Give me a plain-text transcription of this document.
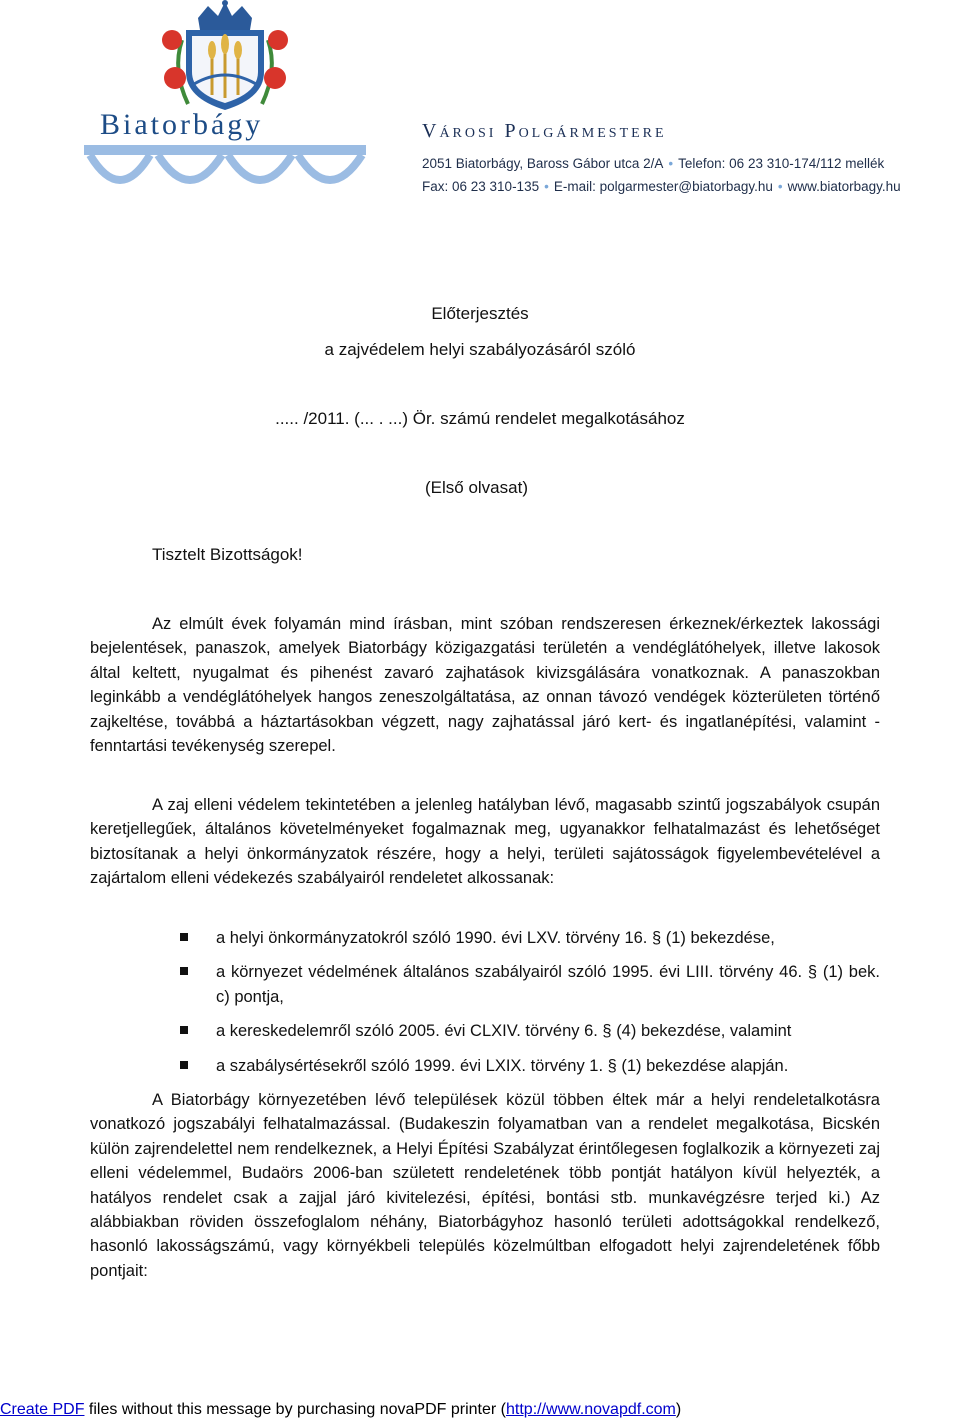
Biatorbágy	Városi Polgármestere
2051 Biatorbágy, Baross Gábor utca 2/A • Telefon: 06 23 310-174/112 mellék
Fax: 06 23 310-135 • E-mail: polgarmester@biatorbagy.hu • www.biatorbagy.hu
Előterjesztés
a zajvédelem helyi szabályozásáról szóló
..... /2011. (... . ...) Ör. számú rendelet megalkotásához
(Első olvasat)
Tisztelt Bizottságok!

Az elmúlt évek folyamán mind írásban, mint szóban rendszeresen érkeznek/érkeztek lakossági bejelentések, panaszok, amelyek Biatorbágy közigazgatási területén a vendéglátóhelyek, illetve lakosok által keltett, nyugalmat és pihenést zavaró zajhatások kivizsgálására vonatkoznak. A panaszokban leginkább a vendéglátóhelyek hangos zeneszolgáltatása, az onnan távozó vendégek közterületen történő zajkeltése, továbbá a háztartásokban végzett, nagy zajhatással járó kert- és ingatlanépítési, valamint -fenntartási tevékenység szerepel.

A zaj elleni védelem tekintetében a jelenleg hatályban lévő, magasabb szintű jogszabályok csupán keretjellegűek, általános követelményeket fogalmaznak meg, ugyanakkor felhatalmazást és lehetőséget biztosítanak a helyi önkormányzatok részére, hogy a helyi, területi sajátosságok figyelembevételével a zajártalom elleni védekezés szabályairól rendeletet alkossanak:

a helyi önkormányzatokról szóló 1990. évi LXV. törvény 16. § (1) bekezdése,
a környezet védelmének általános szabályairól szóló 1995. évi LIII. törvény 46. § (1) bek. c) pontja,
a kereskedelemről szóló 2005. évi CLXIV. törvény 6. § (4) bekezdése, valamint
a szabálysértésekről szóló 1999. évi LXIX. törvény 1. § (1) bekezdése alapján.

A Biatorbágy környezetében lévő települések közül többen éltek már a helyi rendeletalkotásra vonatkozó jogszabályi felhatalmazással. (Budakeszin folyamatban van a rendelet megalkotása, Bicskén külön zajrendelettel nem rendelkeznek, a Helyi Építési Szabályzat érintőlegesen foglalkozik a környezeti zaj elleni védelemmel, Budaörs 2006-ban született rendeletének több pontját hatályon kívül helyezték, a hatályos rendelet csak a zajjal járó kivitelezési, építési, bontási stb. munkavégzésre terjed ki.) Az alábbiakban röviden összefoglalom néhány, Biatorbágyhoz hasonló területi adottságokkal rendelkező, hasonló lakosságszámú, vagy környékbeli település közelmúltban elfogadott helyi zajrendeletének főbb pontjait:

Create PDF files without this message by purchasing novaPDF printer (http://www.novapdf.com)
